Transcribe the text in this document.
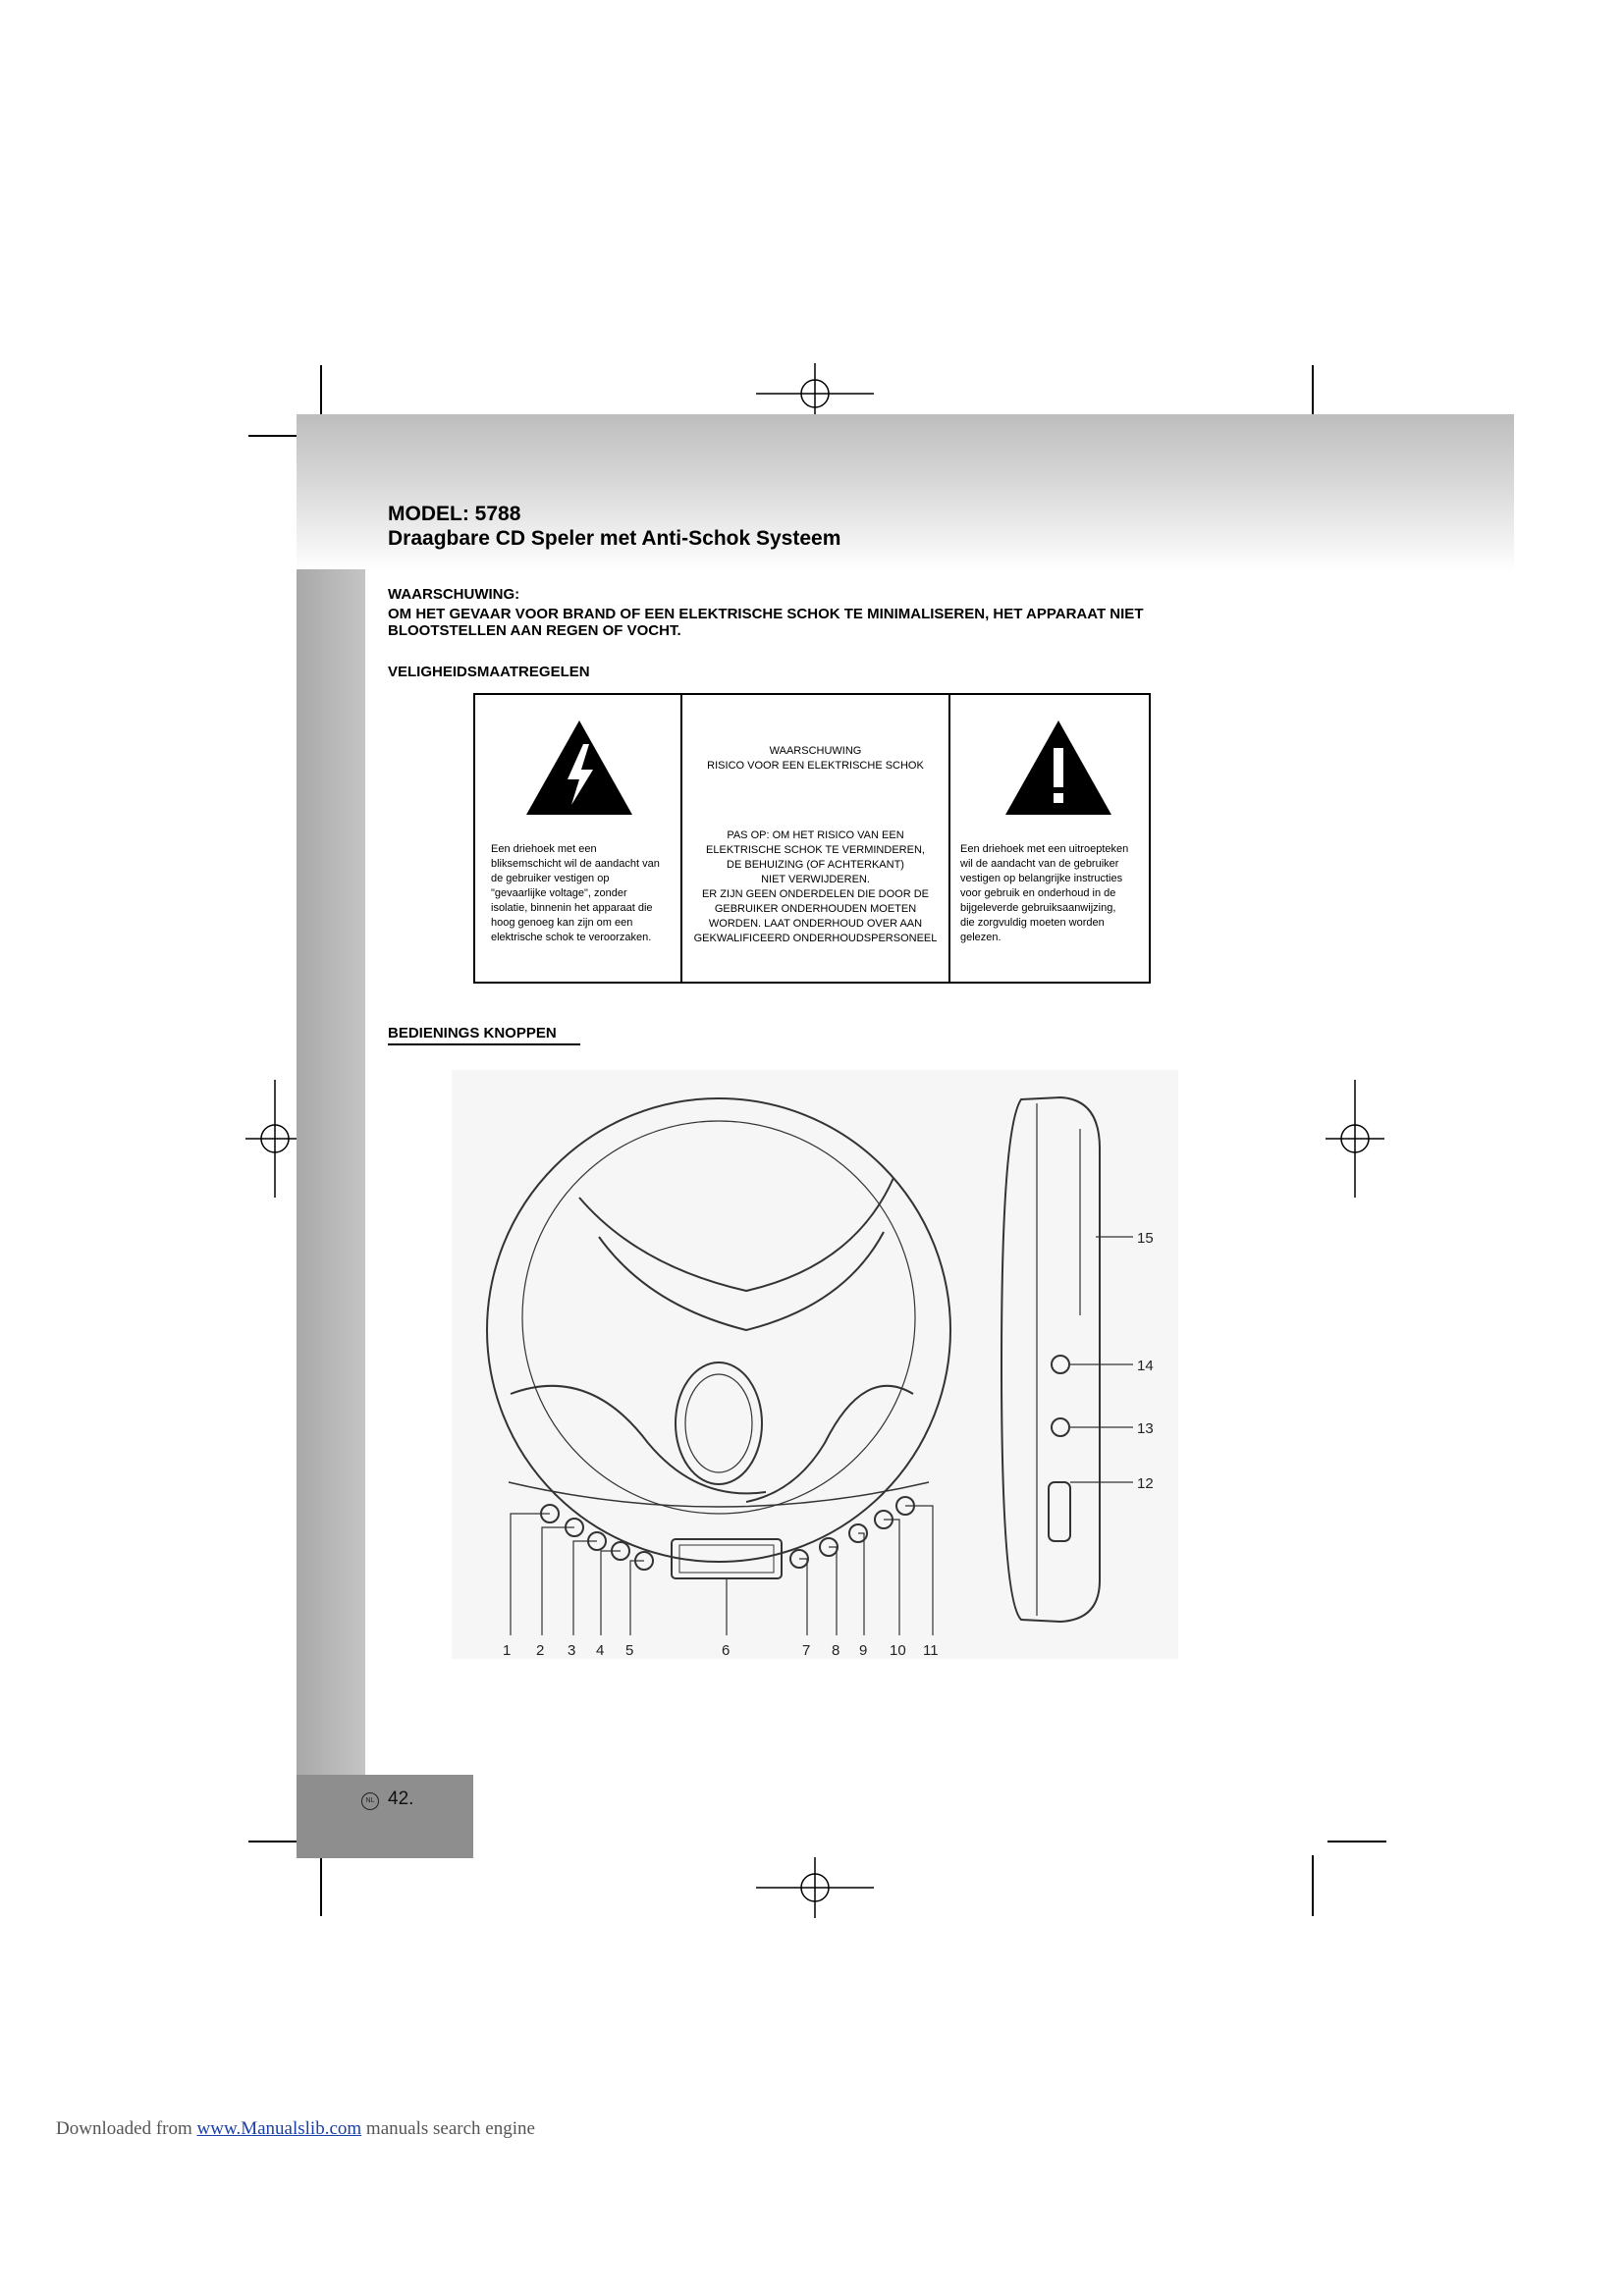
MODEL: 5788
Draagbare CD Speler met Anti-Schok Systeem
WAARSCHUWING:
OM HET GEVAAR VOOR BRAND OF EEN ELEKTRISCHE SCHOK TE MINIMALISEREN, HET APPARAAT NIET
BLOOTSTELLEN AAN REGEN OF VOCHT.
VELIGHEIDSMAATREGELEN
Een driehoek met een
bliksemschicht wil de aandacht van
de gebruiker vestigen op
"gevaarlijke voltage", zonder
isolatie, binnenin het apparaat die
hoog genoeg kan zijn om een
elektrische schok te veroorzaken.
WAARSCHUWING
RISICO VOOR EEN ELEKTRISCHE SCHOK
PAS OP: OM HET RISICO VAN EEN
ELEKTRISCHE SCHOK TE VERMINDEREN,
DE BEHUIZING (OF ACHTERKANT)
NIET VERWIJDEREN.
ER ZIJN GEEN ONDERDELEN DIE DOOR DE
GEBRUIKER ONDERHOUDEN MOETEN
WORDEN. LAAT ONDERHOUD OVER AAN
GEKWALIFICEERD ONDERHOUDSPERSONEEL
Een driehoek met een uitroepteken
wil de aandacht van de gebruiker
vestigen op belangrijke instructies
voor gebruik en onderhoud in de
bijgeleverde gebruiksaanwijzing,
die zorgvuldig moeten worden
gelezen.
BEDIENINGS KNOPPEN
1 2 3 4 5	6	7 8 9 10 11
15
14
13
12
NL 42.
Downloaded from www.Manualslib.com manuals search engine
